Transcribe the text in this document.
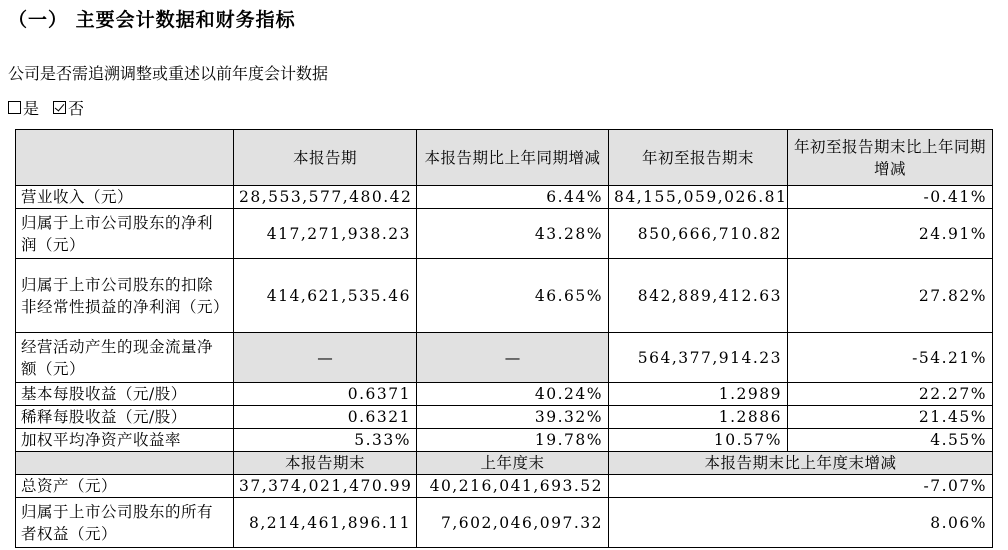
（一） 主要会计数据和财务指标
公司是否需追溯调整或重述以前年度会计数据
是 否
	本报告期	本报告期比上年同期增减	年初至报告期末	年初至报告期末比上年同期增减
营业收入（元）	28,553,577,480.42	6.44%	84,155,059,026.81	-0.41%
归属于上市公司股东的净利润（元）	417,271,938.23	43.28%	850,666,710.82	24.91%
归属于上市公司股东的扣除非经常性损益的净利润（元）	414,621,535.46	46.65%	842,889,412.63	27.82%
经营活动产生的现金流量净额（元）	—	—	564,377,914.23	-54.21%
基本每股收益（元/股）	0.6371	40.24%	1.2989	22.27%
稀释每股收益（元/股）	0.6321	39.32%	1.2886	21.45%
加权平均净资产收益率	5.33%	19.78%	10.57%	4.55%
	本报告期末	上年度末	本报告期末比上年度末增减	
总资产（元）	37,374,021,470.99	40,216,041,693.52	-7.07%	
归属于上市公司股东的所有者权益（元）	8,214,461,896.11	7,602,046,097.32	8.06%	
